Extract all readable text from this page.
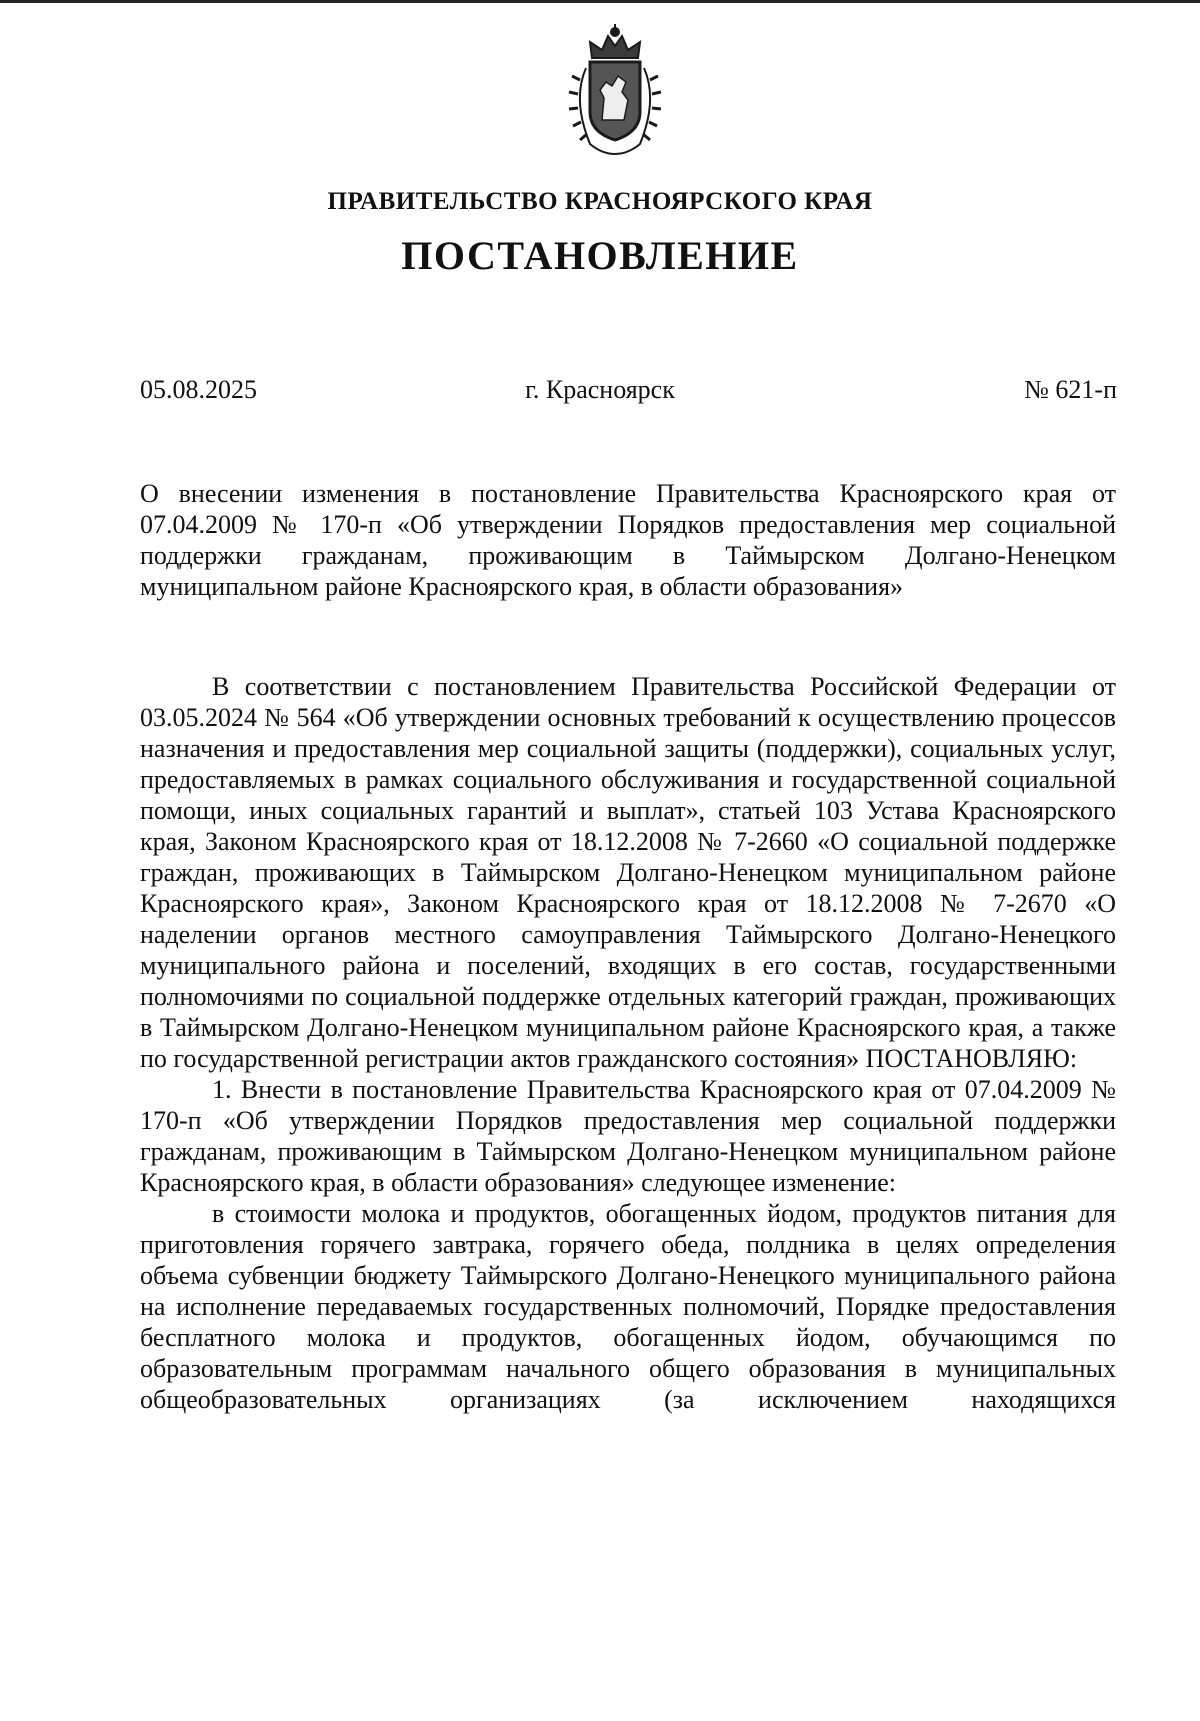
ПРАВИТЕЛЬСТВО КРАСНОЯРСКОГО КРАЯ
ПОСТАНОВЛЕНИЕ
05.08.2025	г. Красноярск	№ 621-п
О внесении изменения в постановление Правительства Красноярского края от 07.04.2009 № 170-п «Об утверждении Порядков предоставления мер социальной поддержки гражданам, проживающим в Таймырском Долгано-Ненецком муниципальном районе Красноярского края, в области образования»

В соответствии с постановлением Правительства Российской Федерации от 03.05.2024 № 564 «Об утверждении основных требований к осуществлению процессов назначения и предоставления мер социальной защиты (поддержки), социальных услуг, предоставляемых в рамках социального обслуживания и государственной социальной помощи, иных социальных гарантий и выплат», статьей 103 Устава Красноярского края, Законом Красноярского края от 18.12.2008 № 7-2660 «О социальной поддержке граждан, проживающих в Таймырском Долгано-Ненецком муниципальном районе Красноярского края», Законом Красноярского края от 18.12.2008 № 7-2670 «О наделении органов местного самоуправления Таймырского Долгано-Ненецкого муниципального района и поселений, входящих в его состав, государственными полномочиями по социальной поддержке отдельных категорий граждан, проживающих в Таймырском Долгано-Ненецком муниципальном районе Красноярского края, а также по государственной регистрации актов гражданского состояния» ПОСТАНОВЛЯЮ:

1. Внести в постановление Правительства Красноярского края от 07.04.2009 № 170-п «Об утверждении Порядков предоставления мер социальной поддержки гражданам, проживающим в Таймырском Долгано-Ненецком муниципальном районе Красноярского края, в области образования» следующее изменение:

в стоимости молока и продуктов, обогащенных йодом, продуктов питания для приготовления горячего завтрака, горячего обеда, полдника в целях определения объема субвенции бюджету Таймырского Долгано-Ненецкого муниципального района на исполнение передаваемых государственных полномочий, Порядке предоставления бесплатного молока и продуктов, обогащенных йодом, обучающимся по образовательным программам начального общего образования в муниципальных общеобразовательных организациях (за исключением находящихся
